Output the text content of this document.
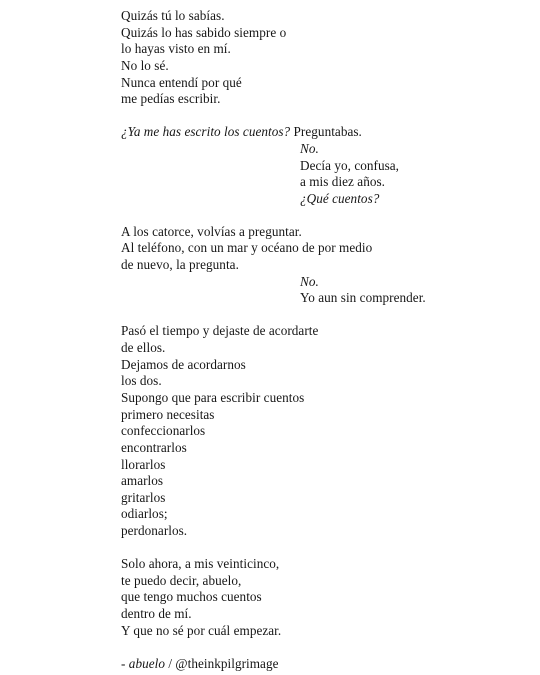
Quizás tú lo sabías.
Quizás lo has sabido siempre o
lo hayas visto en mí.
No lo sé.
Nunca entendí por qué
me pedías escribir.
¿Ya me has escrito los cuentos? Preguntabas.
No.
Decía yo, confusa,
a mis diez años.
¿Qué cuentos?
A los catorce, volvías a preguntar.
Al teléfono, con un mar y océano de por medio
de nuevo, la pregunta.
No.
Yo aun sin comprender.
Pasó el tiempo y dejaste de acordarte
de ellos.
Dejamos de acordarnos
los dos.
Supongo que para escribir cuentos
primero necesitas
confeccionarlos
encontrarlos
llorarlos
amarlos
gritarlos
odiarlos;
perdonarlos.
Solo ahora, a mis veinticinco,
te puedo decir, abuelo,
que tengo muchos cuentos
dentro de mí.
Y que no sé por cuál empezar.
- abuelo / @theinkpilgrimage
